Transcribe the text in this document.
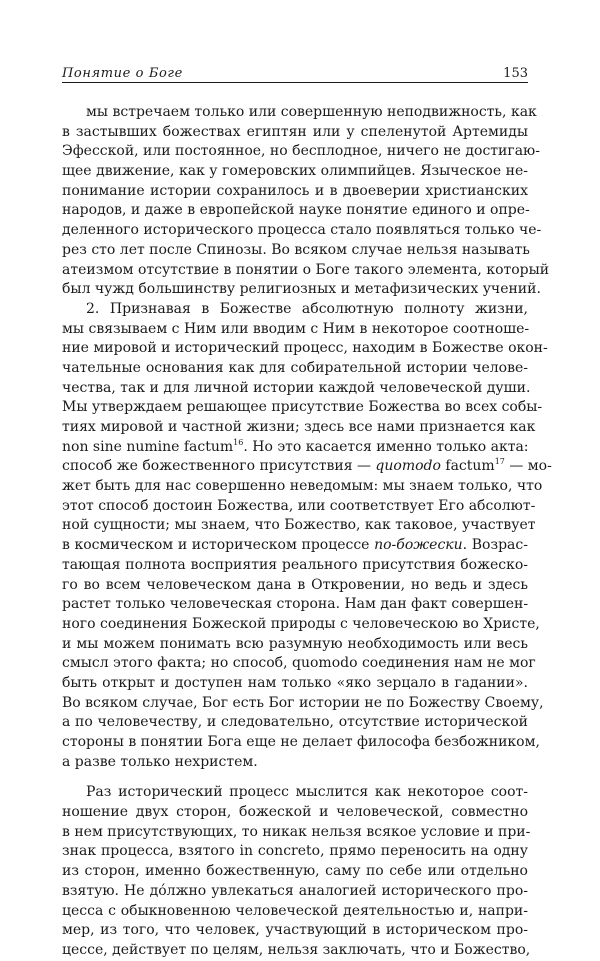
Понятие о Боге	153
мы встречаем только или совершенную неподвижность, как
в застывших божествах египтян или у спеленутой Артемиды
Эфесской, или постоянное, но бесплодное, ничего не достигаю-
щее движение, как у гомеровских олимпийцев. Языческое не-
понимание истории сохранилось и в двоеверии христианских
народов, и даже в европейской науке понятие единого и опре-
деленного исторического процесса стало появляться только че-
рез сто лет после Спинозы. Во всяком случае нельзя называть
атеизмом отсутствие в понятии о Боге такого элемента, который
был чужд большинству религиозных и метафизических учений.
2. Признавая в Божестве абсолютную полноту жизни,
мы связываем с Ним или вводим с Ним в некоторое соотноше-
ние мировой и исторический процесс, находим в Божестве окон-
чательные основания как для собирательной истории челове-
чества, так и для личной истории каждой человеческой души.
Мы утверждаем решающее присутствие Божества во всех собы-
тиях мировой и частной жизни; здесь все нами признается как
non sine numine factum$^{16}$. Но это касается именно только акта:
способ же божественного присутствия — quomodo factum$^{17}$ — мо-
жет быть для нас совершенно неведомым: мы знаем только, что
этот способ достоин Божества, или соответствует Его абсолют-
ной сущности; мы знаем, что Божество, как таковое, участвует
в космическом и историческом процессе по-божески. Возрас-
тающая полнота восприятия реального присутствия божеско-
го во всем человеческом дана в Откровении, но ведь и здесь
растет только человеческая сторона. Нам дан факт совершен-
ного соединения Божеской природы с человеческою во Христе,
и мы можем понимать всю разумную необходимость или весь
смысл этого факта; но способ, quomodo соединения нам не мог
быть открыт и доступен нам только «яко зерцало в гадании».
Во всяком случае, Бог есть Бог истории не по Божеству Своему,
а по человечеству, и следовательно, отсутствие исторической
стороны в понятии Бога еще не делает философа безбожником,
а разве только нехристем.
Раз исторический процесс мыслится как некоторое соот-
ношение двух сторон, божеской и человеческой, совместно
в нем присутствующих, то никак нельзя всякое условие и при-
знак процесса, взятого in concreto, прямо переносить на одну
из сторон, именно божественную, саму по себе или отдельно
взятую. Не дóлжно увлекаться аналогией исторического про-
цесса с обыкновенною человеческой деятельностью и, напри-
мер, из того, что человек, участвующий в историческом про-
цессе, действует по целям, нельзя заключать, что и Божество,
